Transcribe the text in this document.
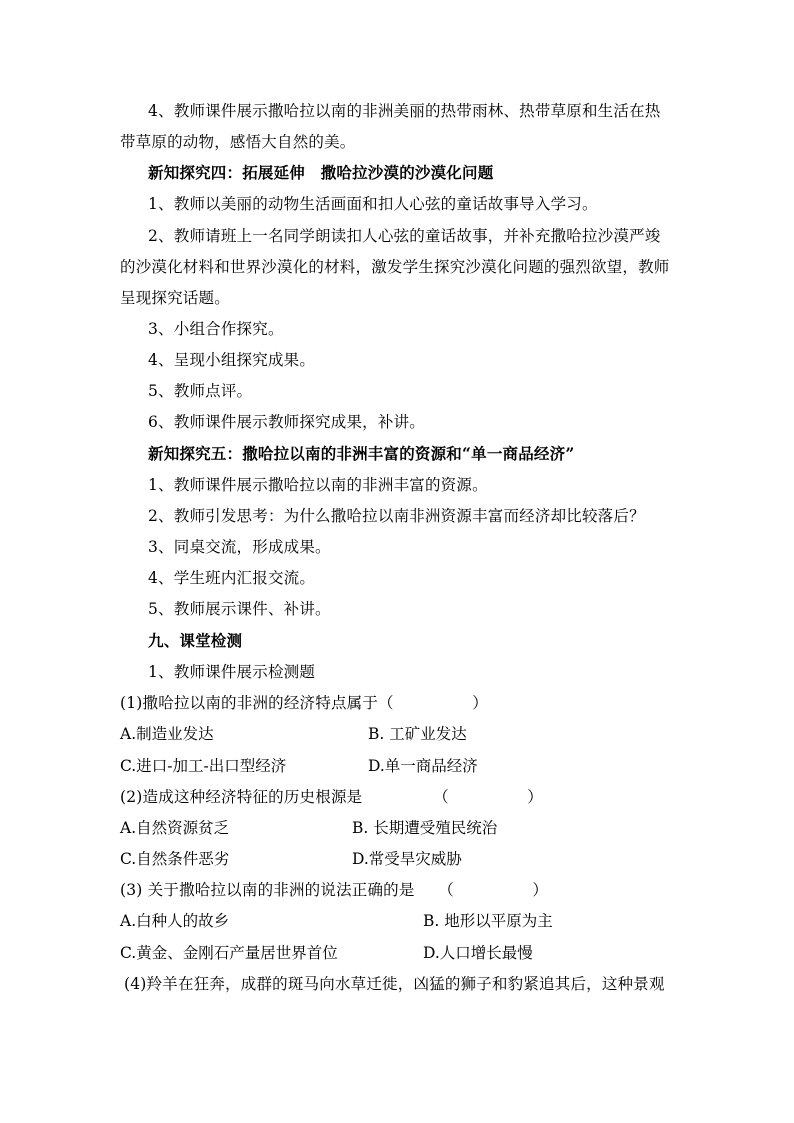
4、教师课件展示撒哈拉以南的非洲美丽的热带雨林、热带草原和生活在热
带草原的动物，感悟大自然的美。
新知探究四：拓展延伸　撒哈拉沙漠的沙漠化问题
1、教师以美丽的动物生活画面和扣人心弦的童话故事导入学习。
2、教师请班上一名同学朗读扣人心弦的童话故事，并补充撒哈拉沙漠严竣
的沙漠化材料和世界沙漠化的材料，激发学生探究沙漠化问题的强烈欲望，教师
呈现探究话题。
3、小组合作探究。
4、呈现小组探究成果。
5、教师点评。
6、教师课件展示教师探究成果，补讲。
新知探究五：撒哈拉以南的非洲丰富的资源和“单一商品经济”
1、教师课件展示撒哈拉以南的非洲丰富的资源。
2、教师引发思考：为什么撒哈拉以南非洲资源丰富而经济却比较落后？
3、同桌交流，形成成果。
4、学生班内汇报交流。
5、教师展示课件、补讲。
九、课堂检测
1、教师课件展示检测题
(1)撒哈拉以南的非洲的经济特点属于（　　　　　）
A.制造业发达	B. 工矿业发达
C.进口-加工-出口型经济	D.单一商品经济
(2)造成这种经济特征的历史根源是　　　　　（　　　　　）
A.自然资源贫乏	B. 长期遭受殖民统治
C.自然条件恶劣	D.常受旱灾威胁
(3) 关于撒哈拉以南的非洲的说法正确的是　　（　　　　　）
A.白种人的故乡	B. 地形以平原为主
C.黄金、金刚石产量居世界首位	D.人口增长最慢
(4)羚羊在狂奔，成群的斑马向水草迁徙，凶猛的狮子和豹紧追其后，这种景观
